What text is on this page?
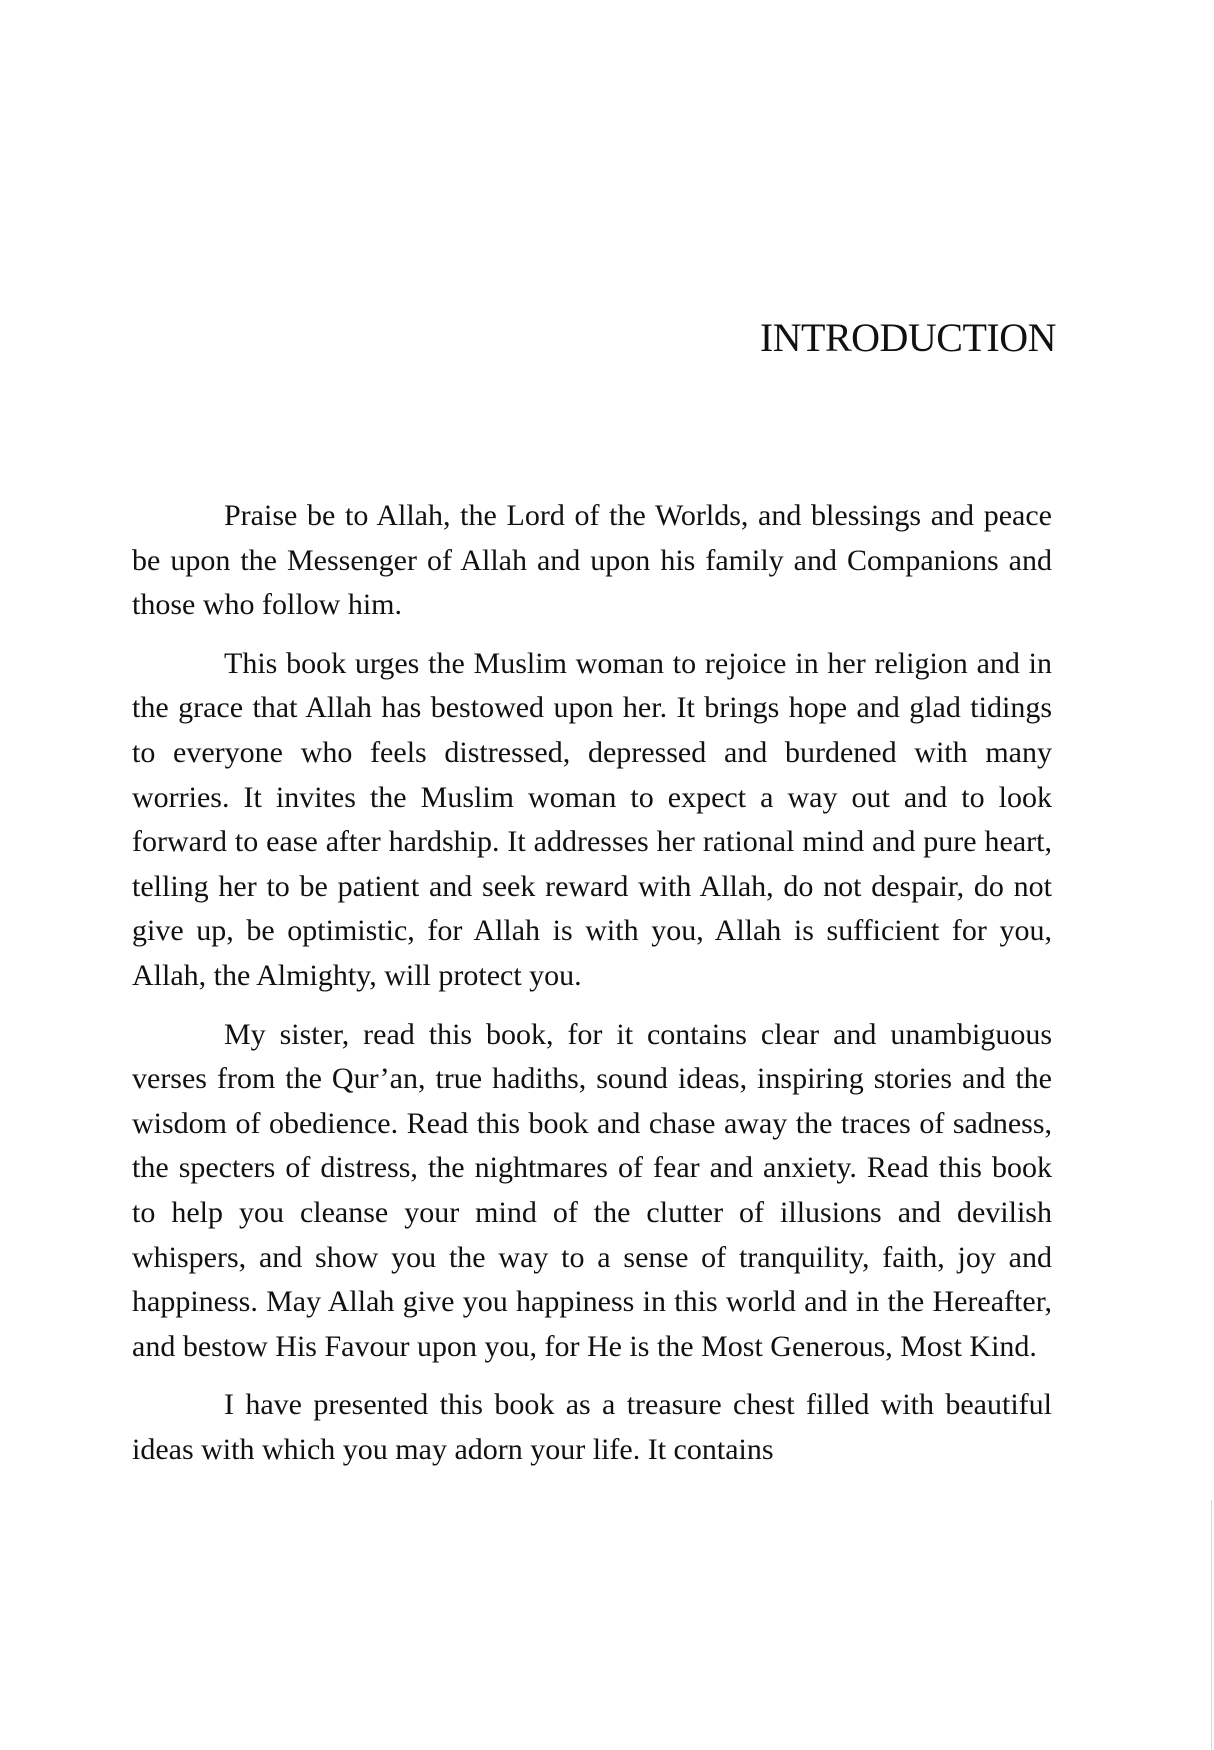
INTRODUCTION

Praise be to Allah, the Lord of the Worlds, and blessings and peace be upon the Messenger of Allah and upon his family and Companions and those who follow him.

This book urges the Muslim woman to rejoice in her religion and in the grace that Allah has bestowed upon her. It brings hope and glad tidings to everyone who feels distressed, depressed and burdened with many worries. It invites the Muslim woman to expect a way out and to look forward to ease after hardship. It addresses her rational mind and pure heart, telling her to be patient and seek reward with Allah, do not despair, do not give up, be optimistic, for Allah is with you, Allah is sufficient for you, Allah, the Almighty, will protect you.

My sister, read this book, for it contains clear and unambiguous verses from the Qur’an, true hadiths, sound ideas, inspiring stories and the wisdom of obedience. Read this book and chase away the traces of sadness, the specters of distress, the nightmares of fear and anxiety. Read this book to help you cleanse your mind of the clutter of illusions and devilish whispers, and show you the way to a sense of tranquility, faith, joy and happiness. May Allah give you happiness in this world and in the Hereafter, and bestow His Favour upon you, for He is the Most Generous, Most Kind.

I have presented this book as a treasure chest filled with beautiful ideas with which you may adorn your life. It contains
